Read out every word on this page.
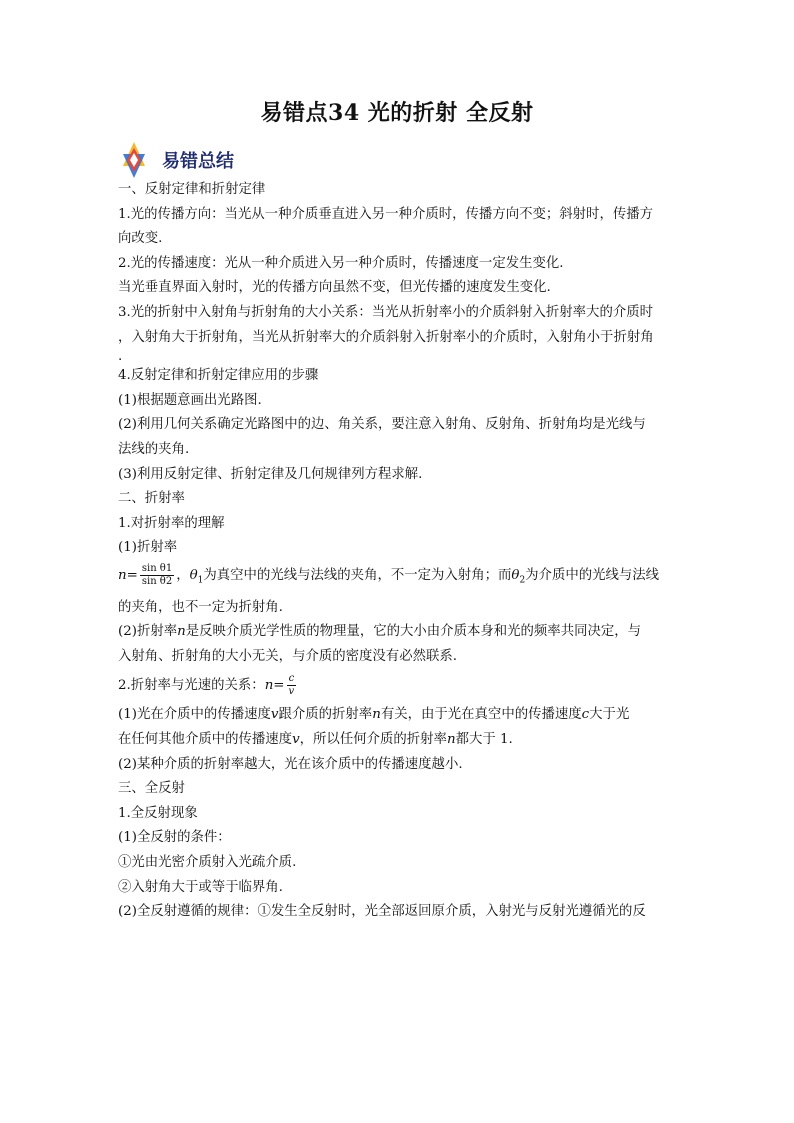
易错点34 光的折射 全反射
易错总结

一、反射定律和折射定律

1.光的传播方向：当光从一种介质垂直进入另一种介质时，传播方向不变；斜射时，传播方

向改变.

2.光的传播速度：光从一种介质进入另一种介质时，传播速度一定发生变化.

当光垂直界面入射时，光的传播方向虽然不变，但光传播的速度发生变化.

3.光的折射中入射角与折射角的大小关系：当光从折射率小的介质斜射入折射率大的介质时

，入射角大于折射角，当光从折射率大的介质斜射入折射率小的介质时，入射角小于折射角

.

4.反射定律和折射定律应用的步骤

(1)根据题意画出光路图.

(2)利用几何关系确定光路图中的边、角关系，要注意入射角、反射角、折射角均是光线与

法线的夹角.

(3)利用反射定律、折射定律及几何规律列方程求解.

二、折射率

1.对折射率的理解

(1)折射率

$n= \frac{\text{sin θ1}}{\text{sin θ2}}$ ，$\theta_1$为真空中的光线与法线的夹角，不一定为入射角；而$\theta_2$为介质中的光线与法线

的夹角，也不一定为折射角.

(2)折射率n是反映介质光学性质的物理量，它的大小由介质本身和光的频率共同决定，与

入射角、折射角的大小无关，与介质的密度没有必然联系.

2.折射率与光速的关系：$n= \frac{c}{v}$

(1)光在介质中的传播速度v跟介质的折射率n有关，由于光在真空中的传播速度c大于光

在任何其他介质中的传播速度v，所以任何介质的折射率n都大于 1.

(2)某种介质的折射率越大，光在该介质中的传播速度越小.

三、全反射

1.全反射现象

(1)全反射的条件：

①光由光密介质射入光疏介质.

②入射角大于或等于临界角.

(2)全反射遵循的规律：①发生全反射时，光全部返回原介质，入射光与反射光遵循光的反
